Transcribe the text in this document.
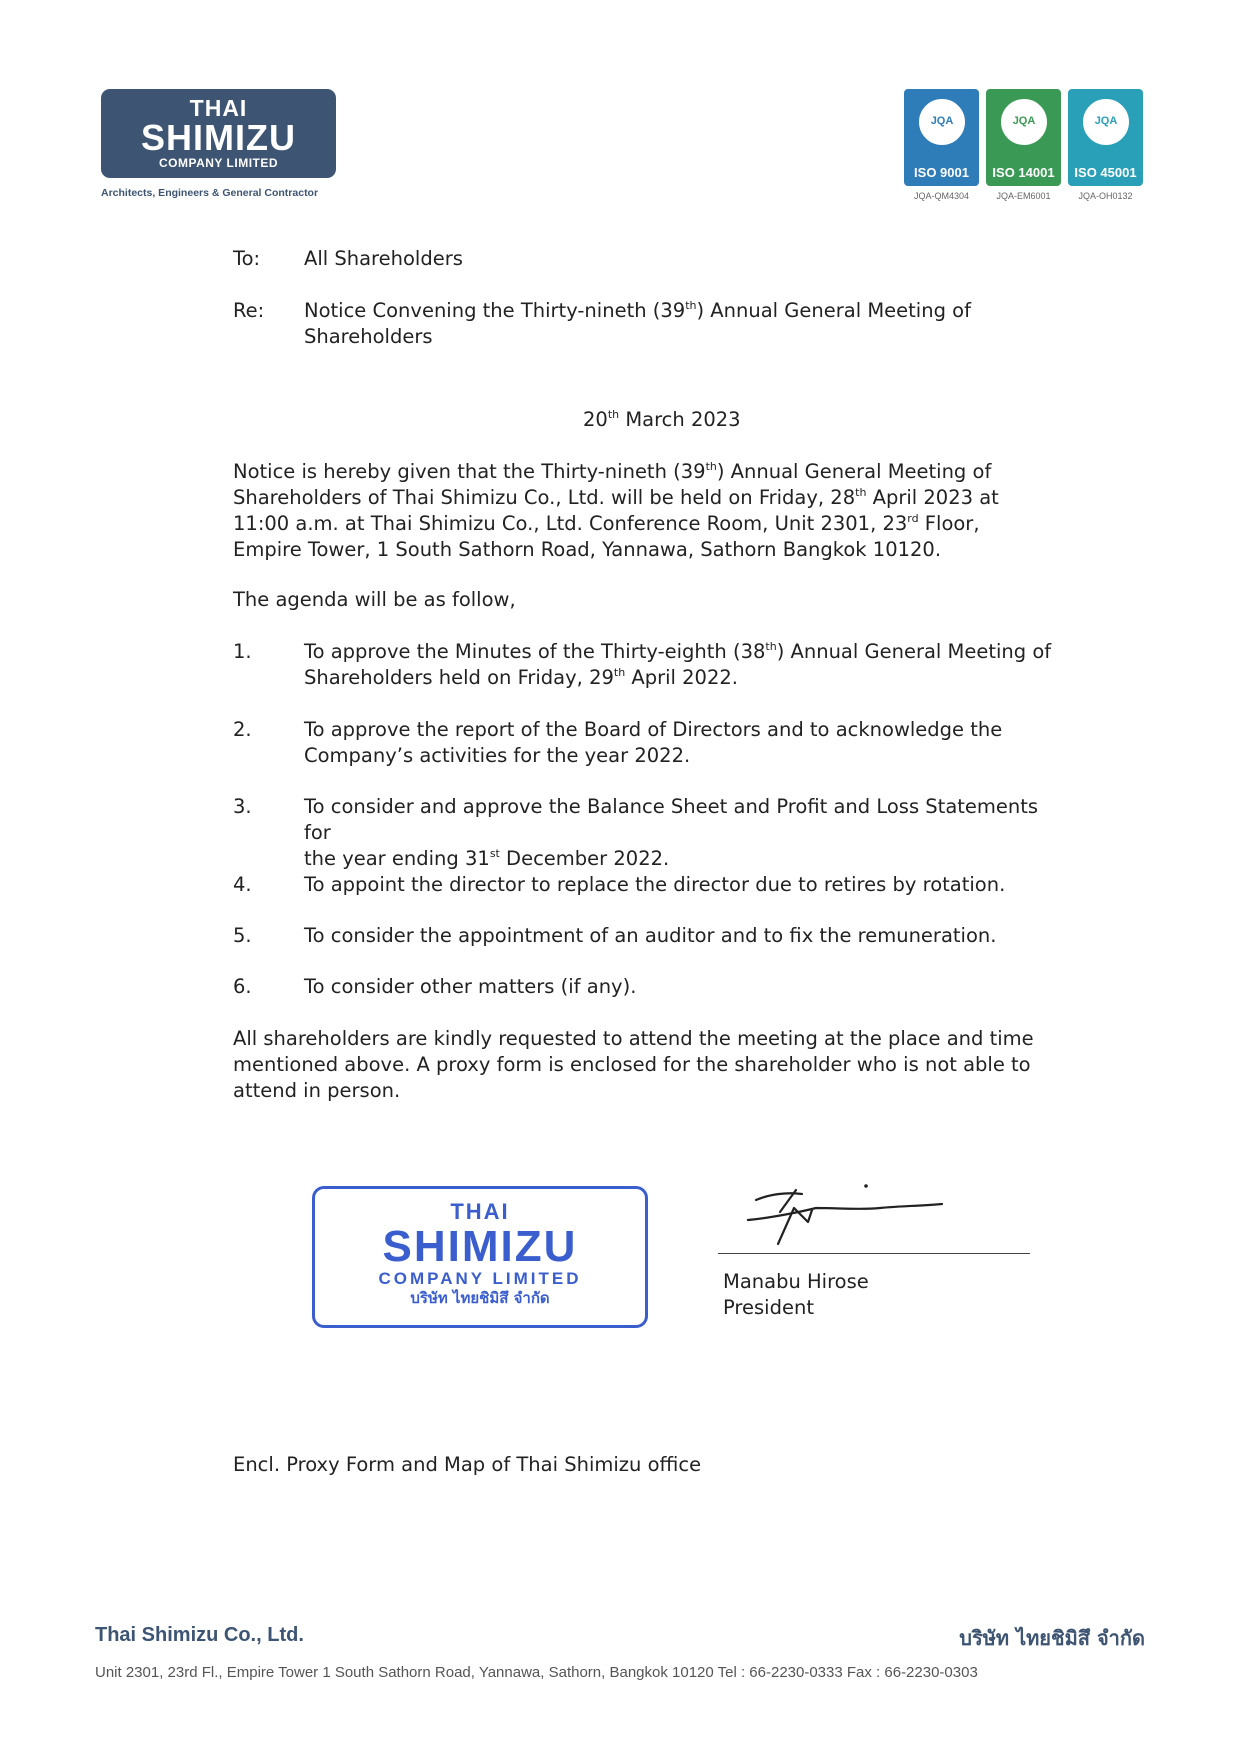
THAI
SHIMIZU
COMPANY LIMITED
Architects, Engineers & General Contractor
JQA
ISO 9001
JQA
ISO 14001
JQA
ISO 45001
JQA-QM4304	JQA-EM6001	JQA-OH0132
To: All Shareholders
Re: Notice Convening the Thirty-nineth (39th) Annual General Meeting of
Shareholders
20th March 2023
Notice is hereby given that the Thirty-nineth (39th) Annual General Meeting of
Shareholders of Thai Shimizu Co., Ltd. will be held on Friday, 28th April 2023 at
11:00 a.m. at Thai Shimizu Co., Ltd. Conference Room, Unit 2301, 23rd Floor,
Empire Tower, 1 South Sathorn Road, Yannawa, Sathorn Bangkok 10120.
The agenda will be as follow,
1.	To approve the Minutes of the Thirty-eighth (38th) Annual General Meeting of
Shareholders held on Friday, 29th April 2022.
2.	To approve the report of the Board of Directors and to acknowledge the
Company’s activities for the year 2022.
3.	To consider and approve the Balance Sheet and Profit and Loss Statements for
the year ending 31st December 2022.
4.	To appoint the director to replace the director due to retires by rotation.
5.	To consider the appointment of an auditor and to fix the remuneration.
6.	To consider other matters (if any).
All shareholders are kindly requested to attend the meeting at the place and time
mentioned above. A proxy form is enclosed for the shareholder who is not able to
attend in person.
THAI
SHIMIZU
COMPANY LIMITED
บริษัท ไทยชิมิสึ จำกัด
Manabu Hirose
President
Encl. Proxy Form and Map of Thai Shimizu office
Thai Shimizu Co., Ltd.	บริษัท ไทยชิมิสึ จำกัด
Unit 2301, 23rd Fl., Empire Tower 1 South Sathorn Road, Yannawa, Sathorn, Bangkok 10120 Tel : 66-2230-0333 Fax : 66-2230-0303
